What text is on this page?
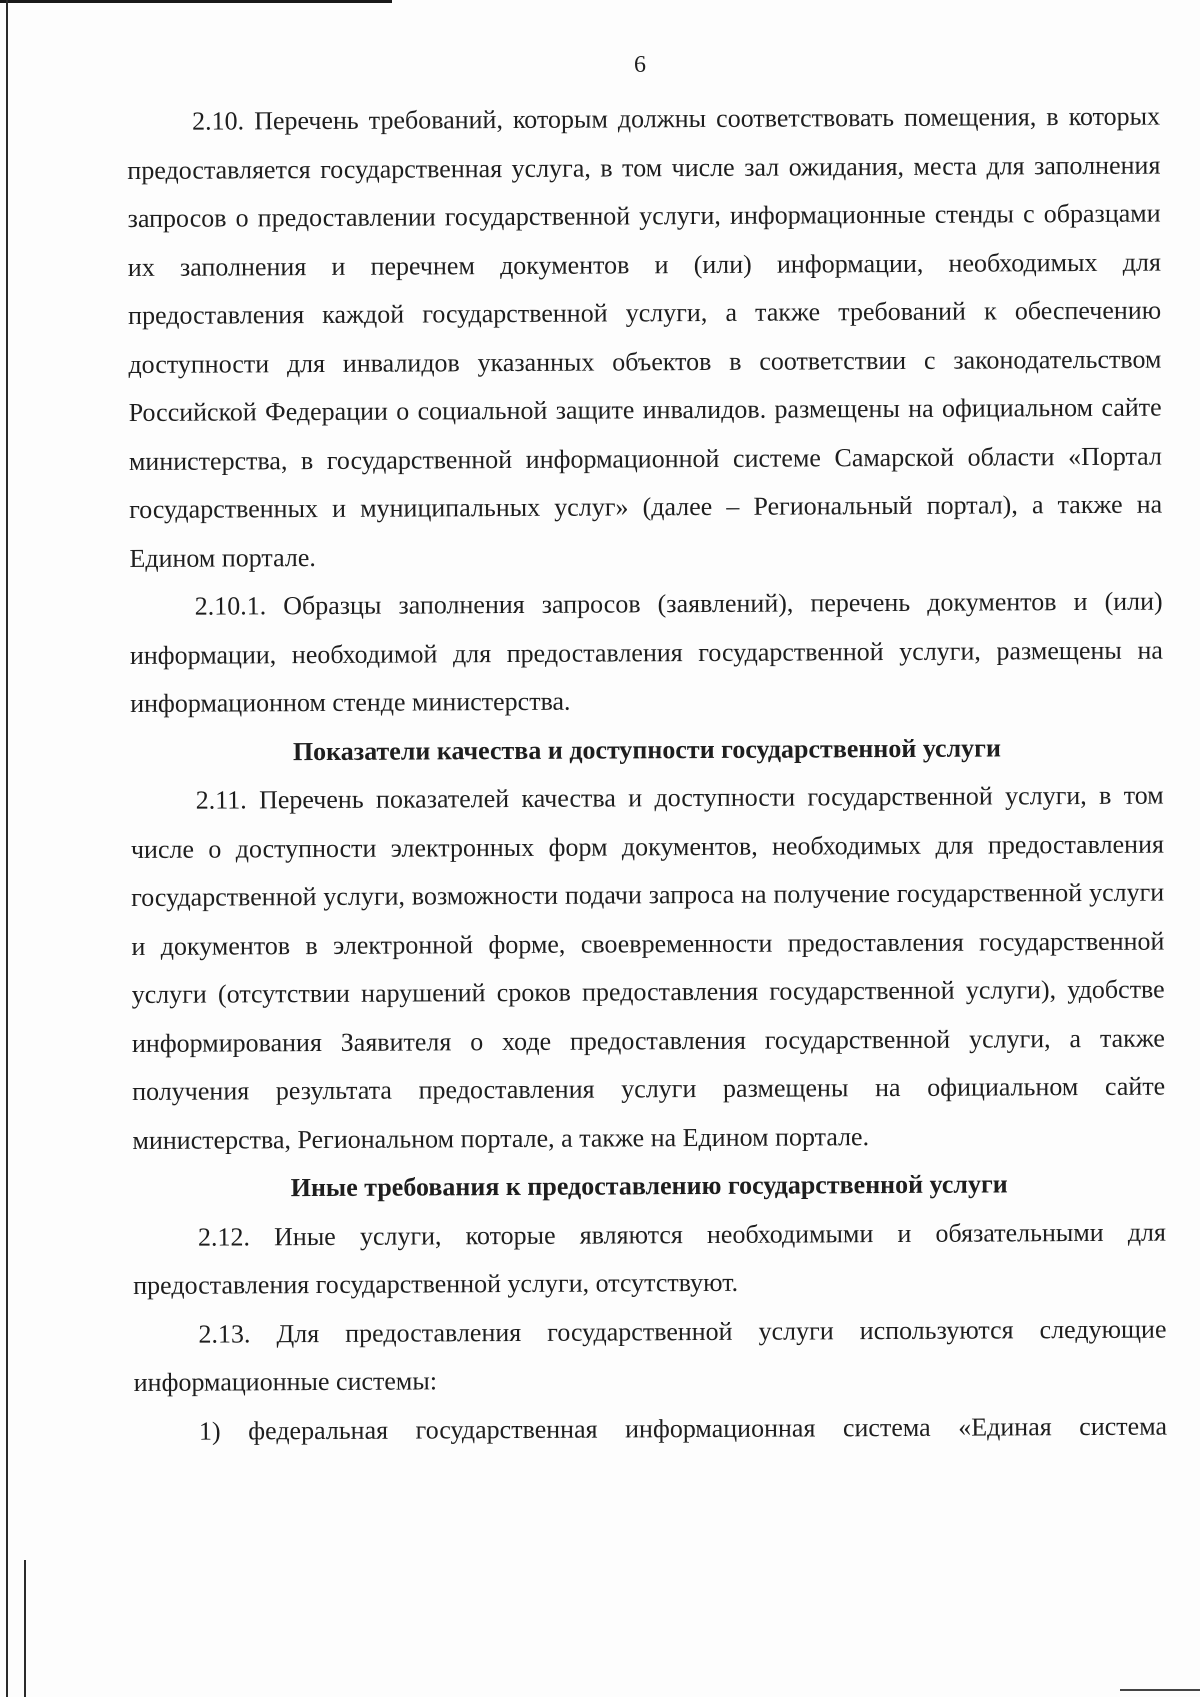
6

2.10. Перечень требований, которым должны соответствовать помещения, в которых предоставляется государственная услуга, в том числе зал ожидания, места для заполнения запросов о предоставлении государственной услуги, информационные стенды с образцами их заполнения и перечнем документов и (или) информации, необходимых для предоставления каждой государственной услуги, а также требований к обеспечению доступности для инвалидов указанных объектов в соответствии с законодательством Российской Федерации о социальной защите инвалидов. размещены на официальном сайте министерства, в государственной информационной системе Самарской области «Портал государственных и муниципальных услуг» (далее – Региональный портал), а также на Едином портале.

2.10.1. Образцы заполнения запросов (заявлений), перечень документов и (или) информации, необходимой для предоставления государственной услуги, размещены на информационном стенде министерства.

Показатели качества и доступности государственной услуги

2.11. Перечень показателей качества и доступности государственной услуги, в том числе о доступности электронных форм документов, необходимых для предоставления государственной услуги, возможности подачи запроса на получение государственной услуги и документов в электронной форме, своевременности предоставления государственной услуги (отсутствии нарушений сроков предоставления государственной услуги), удобстве информирования Заявителя о ходе предоставления государственной услуги, а также получения результата предоставления услуги размещены на официальном сайте министерства, Региональном портале, а также на Едином портале.

Иные требования к предоставлению государственной услуги

2.12. Иные услуги, которые являются необходимыми и обязательными для предоставления государственной услуги, отсутствуют.

2.13. Для предоставления государственной услуги используются следующие информационные системы:

1) федеральная государственная информационная система «Единая система
